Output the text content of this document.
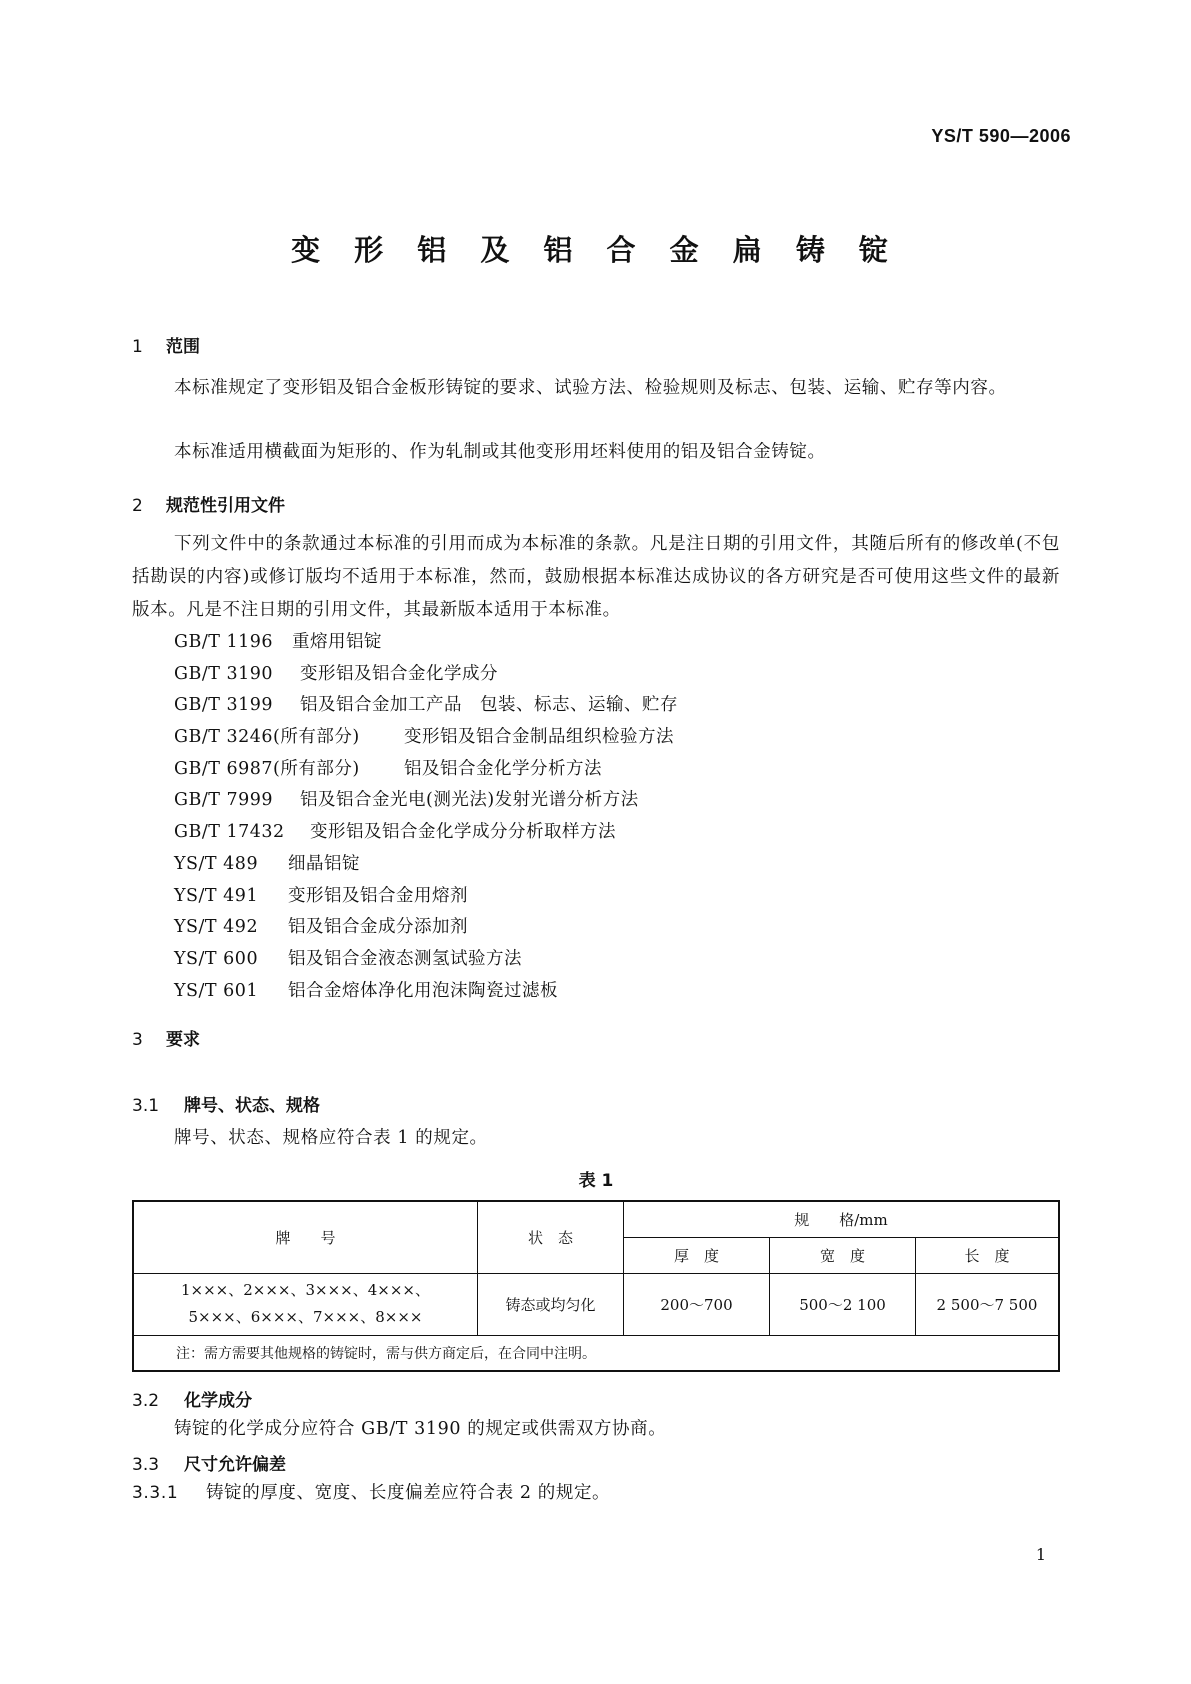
YS/T 590—2006
变 形 铝 及 铝 合 金 扁 铸 锭
1 范围
本标准规定了变形铝及铝合金板形铸锭的要求、试验方法、检验规则及标志、包装、运输、贮存等内容。
本标准适用横截面为矩形的、作为轧制或其他变形用坯料使用的铝及铝合金铸锭。
2 规范性引用文件
下列文件中的条款通过本标准的引用而成为本标准的条款。凡是注日期的引用文件，其随后所有的修改单(不包括勘误的内容)或修订版均不适用于本标准，然而，鼓励根据本标准达成协议的各方研究是否可使用这些文件的最新版本。凡是不注日期的引用文件，其最新版本适用于本标准。
GB/T 1196 重熔用铝锭
GB/T 3190 变形铝及铝合金化学成分
GB/T 3199 铝及铝合金加工产品　包装、标志、运输、贮存
GB/T 3246(所有部分)	变形铝及铝合金制品组织检验方法
GB/T 6987(所有部分)	铝及铝合金化学分析方法
GB/T 7999 铝及铝合金光电(测光法)发射光谱分析方法
GB/T 17432 变形铝及铝合金化学成分分析取样方法
YS/T 489 细晶铝锭
YS/T 491 变形铝及铝合金用熔剂
YS/T 492 铝及铝合金成分添加剂
YS/T 600 铝及铝合金液态测氢试验方法
YS/T 601 铝合金熔体净化用泡沫陶瓷过滤板
3 要求
3.1 牌号、状态、规格
牌号、状态、规格应符合表 1 的规定。
表 1
牌　　号	状　态	规　　格/mm		
		厚　度	宽　度	长　度

1×××、2×××、3×××、4×××、
5×××、6×××、7×××、8×××	铸态或均匀化	200～700	500～2 100	2 500～7 500
注：需方需要其他规格的铸锭时，需与供方商定后，在合同中注明。				
3.2 化学成分
铸锭的化学成分应符合 GB/T 3190 的规定或供需双方协商。
3.3 尺寸允许偏差
3.3.1 铸锭的厚度、宽度、长度偏差应符合表 2 的规定。
1
